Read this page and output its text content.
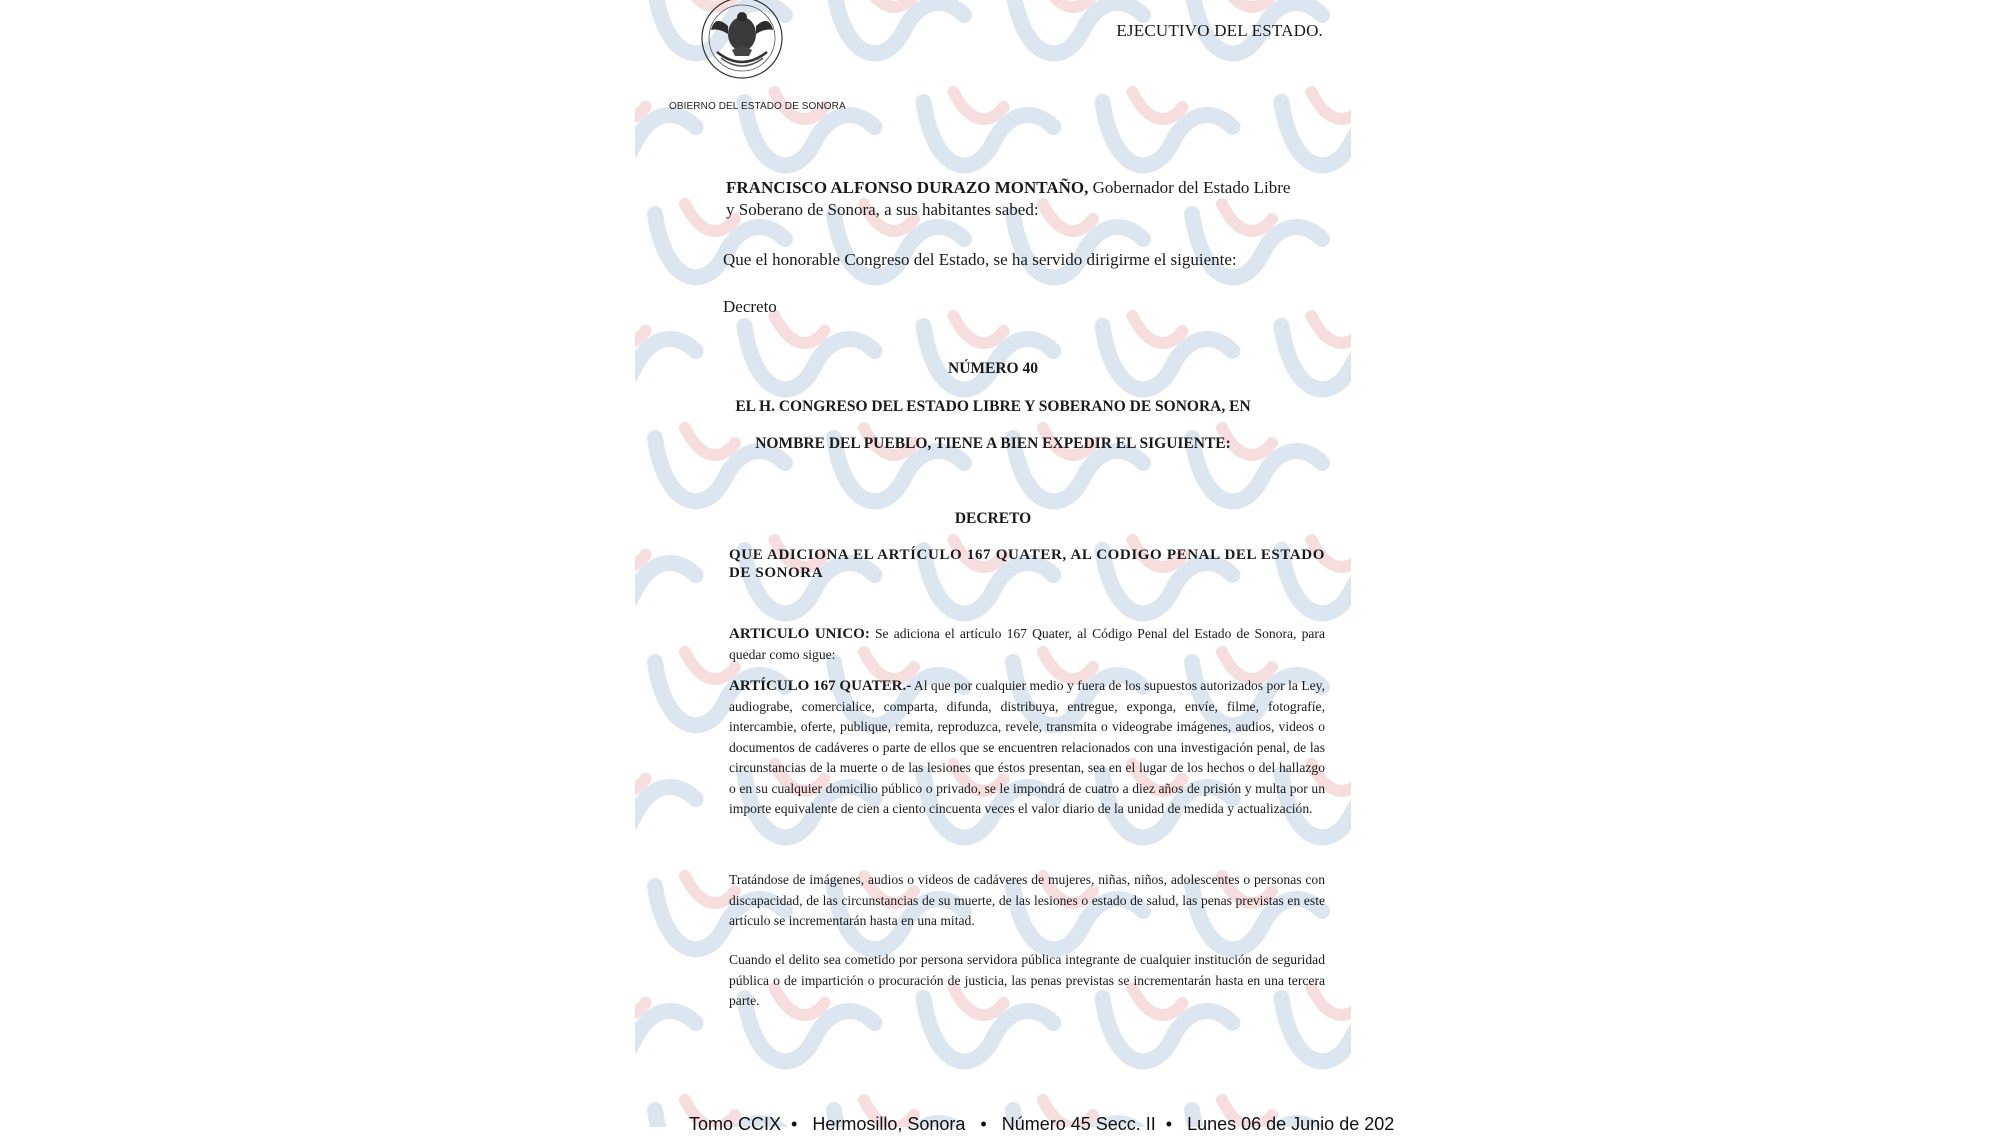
OBIERNO DEL ESTADO DE SONORA
EJECUTIVO DEL ESTADO.
FRANCISCO ALFONSO DURAZO MONTAÑO, Gobernador del Estado Libre
y Soberano de Sonora, a sus habitantes sabed:
Que el honorable Congreso del Estado, se ha servido dirigirme el siguiente:
Decreto
NÚMERO 40
EL H. CONGRESO DEL ESTADO LIBRE Y SOBERANO DE SONORA, EN
NOMBRE DEL PUEBLO, TIENE A BIEN EXPEDIR EL SIGUIENTE:
DECRETO
QUE ADICIONA EL ARTÍCULO 167 QUATER, AL CODIGO PENAL DEL ESTADO DE SONORA
ARTICULO UNICO: Se adiciona el artículo 167 Quater, al Código Penal del Estado de Sonora, para quedar como sigue:
ARTÍCULO 167 QUATER.- Al que por cualquier medio y fuera de los supuestos autorizados por la Ley, audiograbe, comercialice, comparta, difunda, distribuya, entregue, exponga, envíe, filme, fotografíe, intercambie, oferte, publique, remita, reproduzca, revele, transmita o videograbe imágenes, audios, videos o documentos de cadáveres o parte de ellos que se encuentren relacionados con una investigación penal, de las circunstancias de la muerte o de las lesiones que éstos presentan, sea en el lugar de los hechos o del hallazgo o en su cualquier domicilio público o privado, se le impondrá de cuatro a diez años de prisión y multa por un importe equivalente de cien a ciento cincuenta veces el valor diario de la unidad de medida y actualización.
Tratándose de imágenes, audios o videos de cadáveres de mujeres, niñas, niños, adolescentes o personas con discapacidad, de las circunstancias de su muerte, de las lesiones o estado de salud, las penas previstas en este artículo se incrementarán hasta en una mitad.
Cuando el delito sea cometido por persona servidora pública integrante de cualquier institución de seguridad pública o de impartición o procuración de justicia, las penas previstas se incrementarán hasta en una tercera parte.
Tomo CCIX  •   Hermosillo, Sonora   •   Número 45 Secc. II  •   Lunes 06 de Junio de 202
